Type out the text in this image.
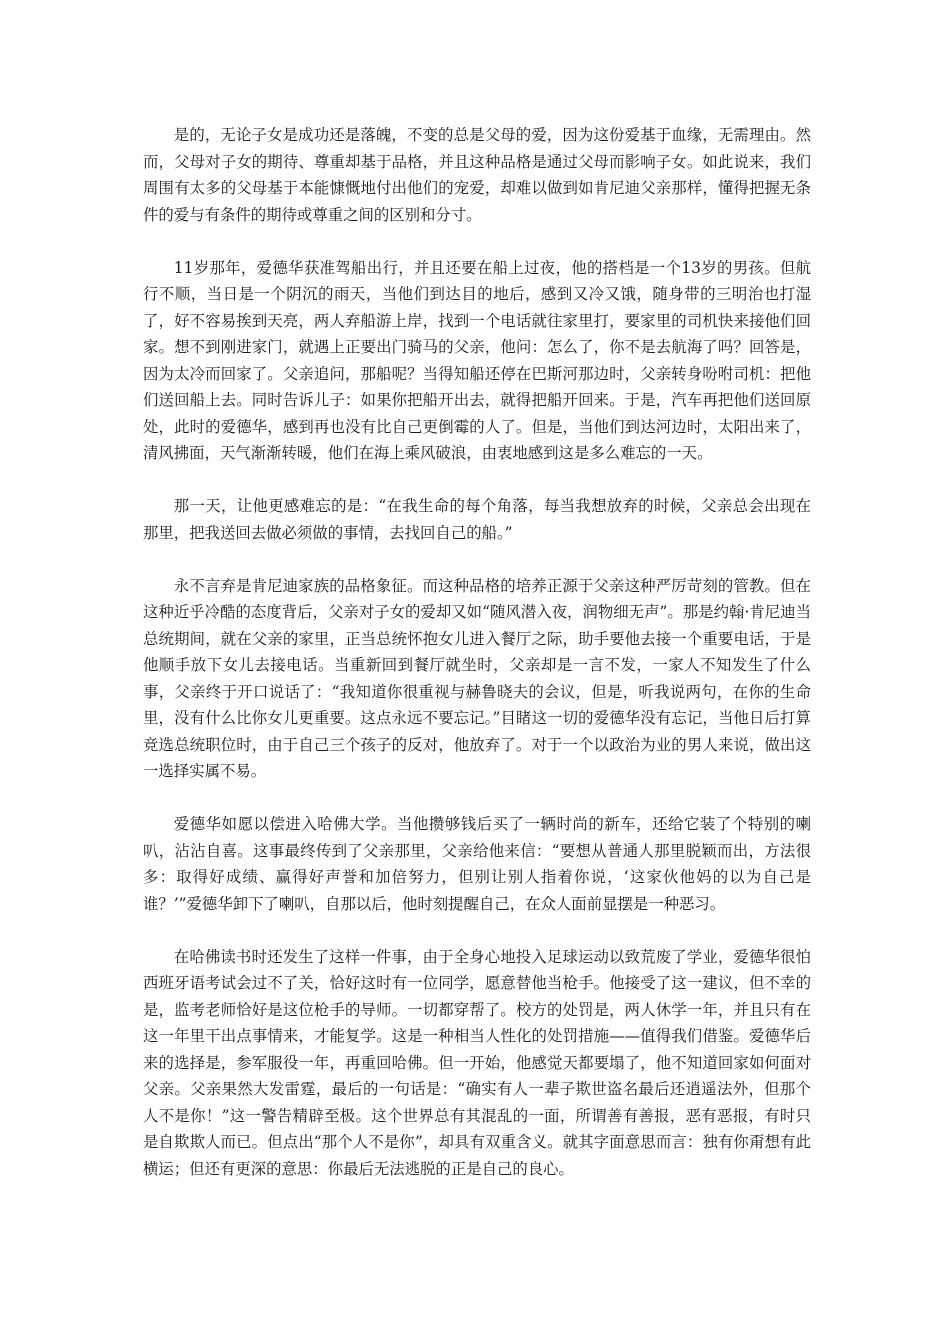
是的，无论子女是成功还是落魄，不变的总是父母的爱，因为这份爱基于血缘，无需理由。然而，父母对子女的期待、尊重却基于品格，并且这种品格是通过父母而影响子女。如此说来，我们周围有太多的父母基于本能慷慨地付出他们的宠爱，却难以做到如肯尼迪父亲那样，懂得把握无条件的爱与有条件的期待或尊重之间的区别和分寸。

11岁那年，爱德华获准驾船出行，并且还要在船上过夜，他的搭档是一个13岁的男孩。但航行不顺，当日是一个阴沉的雨天，当他们到达目的地后，感到又冷又饿，随身带的三明治也打湿了，好不容易挨到天亮，两人弃船游上岸，找到一个电话就往家里打，要家里的司机快来接他们回家。想不到刚进家门，就遇上正要出门骑马的父亲，他问：怎么了，你不是去航海了吗？回答是，因为太冷而回家了。父亲追问，那船呢？当得知船还停在巴斯河那边时，父亲转身吩咐司机：把他们送回船上去。同时告诉儿子：如果你把船开出去，就得把船开回来。于是，汽车再把他们送回原处，此时的爱德华，感到再也没有比自己更倒霉的人了。但是，当他们到达河边时，太阳出来了，清风拂面，天气渐渐转暖，他们在海上乘风破浪，由衷地感到这是多么难忘的一天。

那一天，让他更感难忘的是：“在我生命的每个角落，每当我想放弃的时候，父亲总会出现在那里，把我送回去做必须做的事情，去找回自己的船。”

永不言弃是肯尼迪家族的品格象征。而这种品格的培养正源于父亲这种严厉苛刻的管教。但在这种近乎冷酷的态度背后，父亲对子女的爱却又如“随风潜入夜，润物细无声”。那是约翰·肯尼迪当总统期间，就在父亲的家里，正当总统怀抱女儿进入餐厅之际，助手要他去接一个重要电话，于是他顺手放下女儿去接电话。当重新回到餐厅就坐时，父亲却是一言不发，一家人不知发生了什么事，父亲终于开口说话了：“我知道你很重视与赫鲁晓夫的会议，但是，听我说两句，在你的生命里，没有什么比你女儿更重要。这点永远不要忘记。”目睹这一切的爱德华没有忘记，当他日后打算竞选总统职位时，由于自己三个孩子的反对，他放弃了。对于一个以政治为业的男人来说，做出这一选择实属不易。

爱德华如愿以偿进入哈佛大学。当他攒够钱后买了一辆时尚的新车，还给它装了个特别的喇叭，沾沾自喜。这事最终传到了父亲那里，父亲给他来信：“要想从普通人那里脱颖而出，方法很多：取得好成绩、赢得好声誉和加倍努力，但别让别人指着你说，‘这家伙他妈的以为自己是谁？’”爱德华卸下了喇叭，自那以后，他时刻提醒自己，在众人面前显摆是一种恶习。

在哈佛读书时还发生了这样一件事，由于全身心地投入足球运动以致荒废了学业，爱德华很怕西班牙语考试会过不了关，恰好这时有一位同学，愿意替他当枪手。他接受了这一建议，但不幸的是，监考老师恰好是这位枪手的导师。一切都穿帮了。校方的处罚是，两人休学一年，并且只有在这一年里干出点事情来，才能复学。这是一种相当人性化的处罚措施——值得我们借鉴。爱德华后来的选择是，参军服役一年，再重回哈佛。但一开始，他感觉天都要塌了，他不知道回家如何面对父亲。父亲果然大发雷霆，最后的一句话是：“确实有人一辈子欺世盗名最后还逍遥法外，但那个人不是你！”这一警告精辟至极。这个世界总有其混乱的一面，所谓善有善报，恶有恶报，有时只是自欺欺人而已。但点出“那个人不是你”，却具有双重含义。就其字面意思而言：独有你甭想有此横运；但还有更深的意思：你最后无法逃脱的正是自己的良心。
